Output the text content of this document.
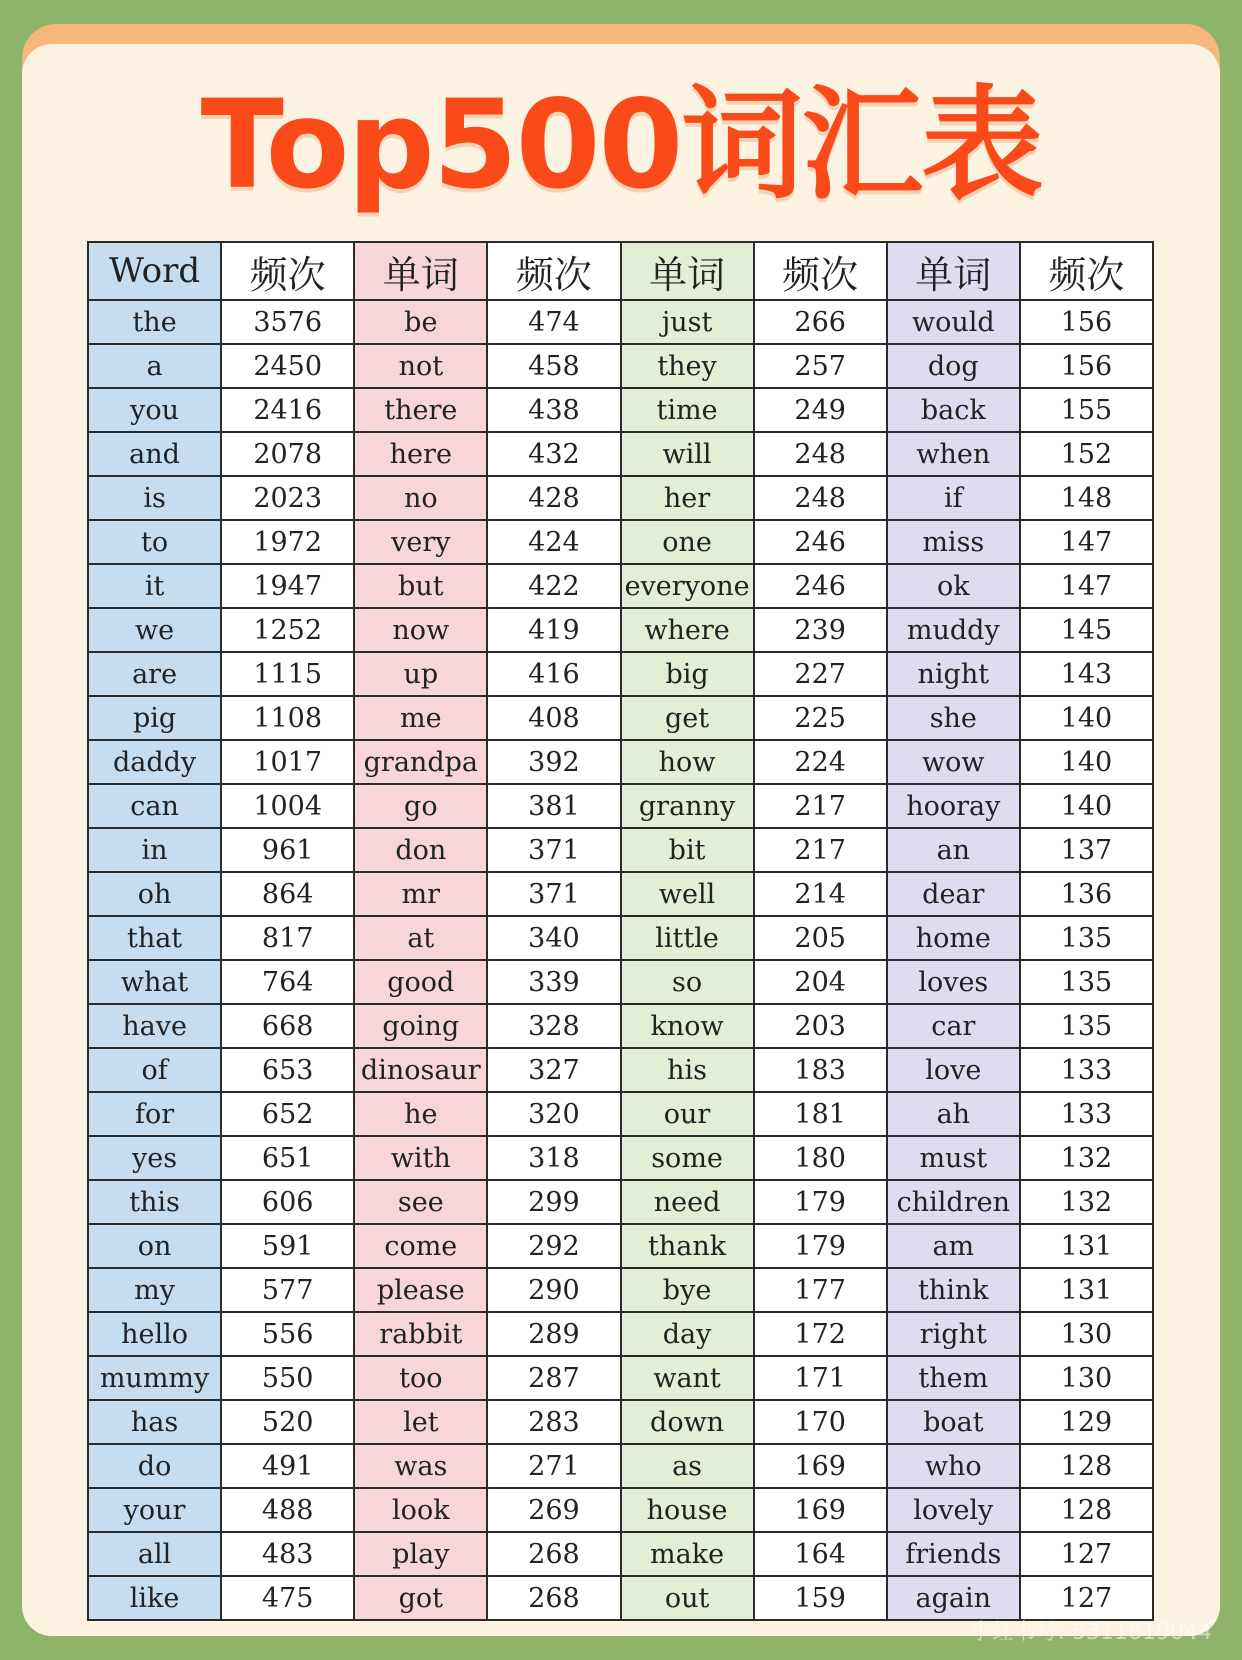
Top500词汇表
Word	频次	单词	频次	单词	频次	单词	频次
the	3576	be	474	just	266	would	156
a	2450	not	458	they	257	dog	156
you	2416	there	438	time	249	back	155
and	2078	here	432	will	248	when	152
is	2023	no	428	her	248	if	148
to	1972	very	424	one	246	miss	147
it	1947	but	422	everyone	246	ok	147
we	1252	now	419	where	239	muddy	145
are	1115	up	416	big	227	night	143
pig	1108	me	408	get	225	she	140
daddy	1017	grandpa	392	how	224	wow	140
can	1004	go	381	granny	217	hooray	140
in	961	don	371	bit	217	an	137
oh	864	mr	371	well	214	dear	136
that	817	at	340	little	205	home	135
what	764	good	339	so	204	loves	135
have	668	going	328	know	203	car	135
of	653	dinosaur	327	his	183	love	133
for	652	he	320	our	181	ah	133
yes	651	with	318	some	180	must	132
this	606	see	299	need	179	children	132
on	591	come	292	thank	179	am	131
my	577	please	290	bye	177	think	131
hello	556	rabbit	289	day	172	right	130
mummy	550	too	287	want	171	them	130
has	520	let	283	down	170	boat	129
do	491	was	271	as	169	who	128
your	488	look	269	house	169	lovely	128
all	483	play	268	make	164	friends	127
like	475	got	268	out	159	again	127
小红书号: 5311619044
